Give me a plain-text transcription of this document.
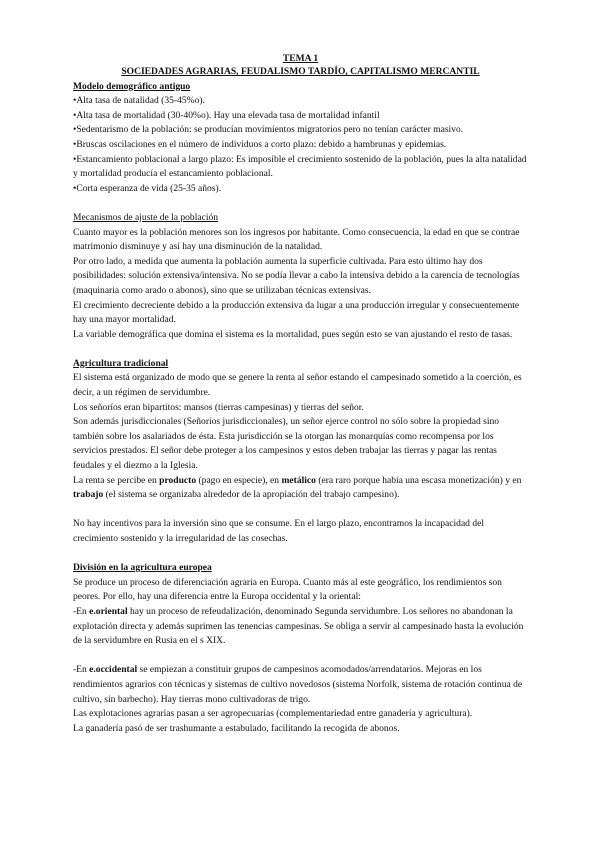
TEMA 1
SOCIEDADES AGRARIAS, FEUDALISMO TARDÍO, CAPITALISMO MERCANTIL
Modelo demográfico antiguo

•Alta tasa de natalidad (35-45%o).

•Alta tasa de mortalidad (30-40%o). Hay una elevada tasa de mortalidad infantil

•Sedentarismo de la población: se producían movimientos migratorios pero no tenían carácter masivo.

•Bruscas oscilaciones en el número de individuos a corto plazo: debido a hambrunas y epidemias.

•Estancamiento poblacional a largo plazo: Es imposible el crecimiento sostenido de la población, pues la alta natalidad y mortalidad producía el estancamiento poblacional.

•Corta esperanza de vida (25-35 años).

Mecanismos de ajuste de la población

Cuanto mayor es la población menores son los ingresos por habitante. Como consecuencia, la edad en que se contrae matrimonio disminuye y así hay una disminución de la natalidad.

Por otro lado, a medida que aumenta la población aumenta la superficie cultivada. Para esto último hay dos posibilidades: solución extensiva/intensiva. No se podía llevar a cabo la intensiva debido a la carencia de tecnologías (maquinaria como arado o abonos), sino que se utilizaban técnicas extensivas.

El crecimiento decreciente debido a la producción extensiva da lugar a una producción irregular y consecuentemente hay una mayor mortalidad.

La variable demográfica que domina el sistema es la mortalidad, pues según esto se van ajustando el resto de tasas.

Agricultura tradicional

El sistema está organizado de modo que se genere la renta al señor estando el campesinado sometido a la coerción, es decir, a un régimen de servidumbre.

Los señoríos eran bipartitos: mansos (tierras campesinas) y tierras del señor.

Son además jurisdiccionales (Señoríos jurisdiccionales), un señor ejerce control no sólo sobre la propiedad sino también sobre los asalariados de ésta. Esta jurisdicción se la otorgan las monarquías como recompensa por los servicios prestados. El señor debe proteger a los campesinos y estos deben trabajar las tierras y pagar las rentas feudales y el diezmo a la Iglesia.

La renta se percibe en producto (pago en especie), en metálico (era raro porque había una escasa monetización) y en trabajo (el sistema se organizaba alrededor de la apropiación del trabajo campesino).

No hay incentivos para la inversión sino que se consume. En el largo plazo, encontramos la incapacidad del crecimiento sostenido y la irregularidad de las cosechas.

División en la agricultura europea

Se produce un proceso de diferenciación agraria en Europa. Cuanto más al este geográfico, los rendimientos son peores. Por ello, hay una diferencia entre la Europa occidental y la oriental:

-En e.oriental hay un proceso de refeudalización, denominado Segunda servidumbre. Los señores no abandonan la explotación directa y además suprimen las tenencias campesinas. Se obliga a servir al campesinado hasta la evolución de la servidumbre en Rusia en el s XIX.

-En e.occidental se empiezan a constituir grupos de campesinos acomodados/arrendatarios. Mejoras en los rendimientos agrarios con técnicas y sistemas de cultivo novedosos (sistema Norfolk, sistema de rotación continua de cultivo, sin barbecho). Hay tierras mono cultivadoras de trigo.

Las explotaciones agrarias pasan a ser agropecuarias (complementariedad entre ganadería y agricultura).

La ganadería pasó de ser trashumante a estabulado, facilitando la recogida de abonos.
